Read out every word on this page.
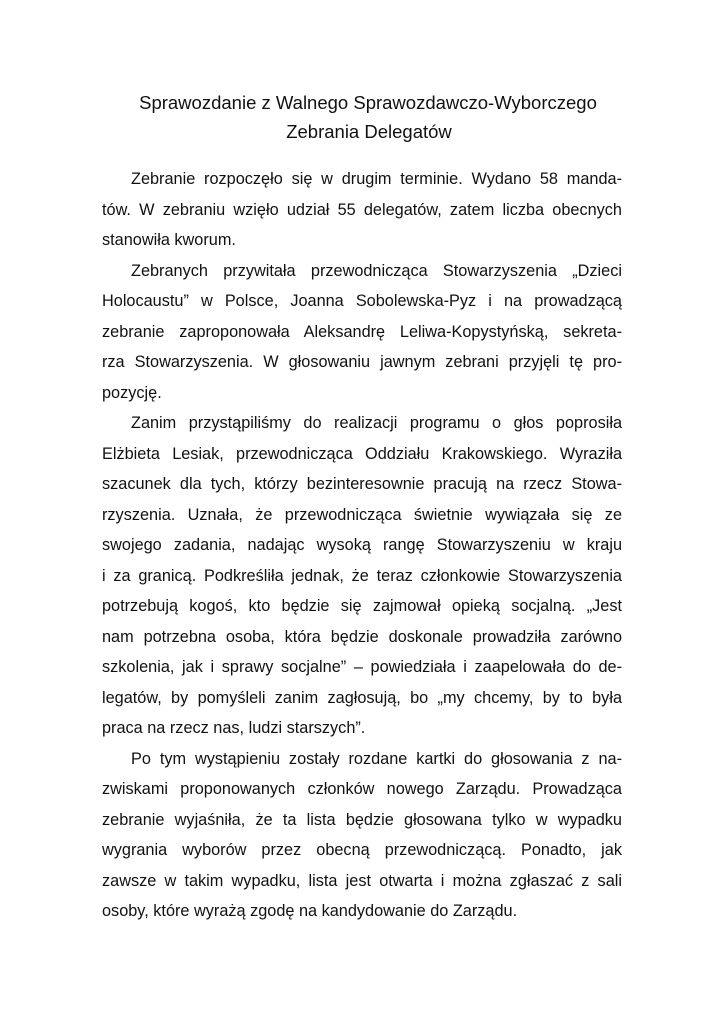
Sprawozdanie z Walnego Sprawozdawczo-Wyborczego
Zebrania Delegatów

Zebranie rozpoczęło się w drugim terminie. Wydano 58 manda-
tów. W zebraniu wzięło udział 55 delegatów, zatem liczba obecnych
stanowiła kworum.

Zebranych przywitała przewodnicząca Stowarzyszenia „Dzieci
Holocaustu” w Polsce, Joanna Sobolewska-Pyz i na prowadzącą
zebranie zaproponowała Aleksandrę Leliwa-Kopystyńską, sekreta-
rza Stowarzyszenia. W głosowaniu jawnym zebrani przyjęli tę pro-
pozycję.

Zanim przystąpiliśmy do realizacji programu o głos poprosiła
Elżbieta Lesiak, przewodnicząca Oddziału Krakowskiego. Wyraziła
szacunek dla tych, którzy bezinteresownie pracują na rzecz Stowa-
rzyszenia. Uznała, że przewodnicząca świetnie wywiązała się ze
swojego zadania, nadając wysoką rangę Stowarzyszeniu w kraju
i za granicą. Podkreśliła jednak, że teraz członkowie Stowarzyszenia
potrzebują kogoś, kto będzie się zajmował opieką socjalną. „Jest
nam potrzebna osoba, która będzie doskonale prowadziła zarówno
szkolenia, jak i sprawy socjalne” – powiedziała i zaapelowała do de-
legatów, by pomyśleli zanim zagłosują, bo „my chcemy, by to była
praca na rzecz nas, ludzi starszych”.

Po tym wystąpieniu zostały rozdane kartki do głosowania z na-
zwiskami proponowanych członków nowego Zarządu. Prowadząca
zebranie wyjaśniła, że ta lista będzie głosowana tylko w wypadku
wygrania wyborów przez obecną przewodniczącą. Ponadto, jak
zawsze w takim wypadku, lista jest otwarta i można zgłaszać z sali
osoby, które wyrażą zgodę na kandydowanie do Zarządu.
